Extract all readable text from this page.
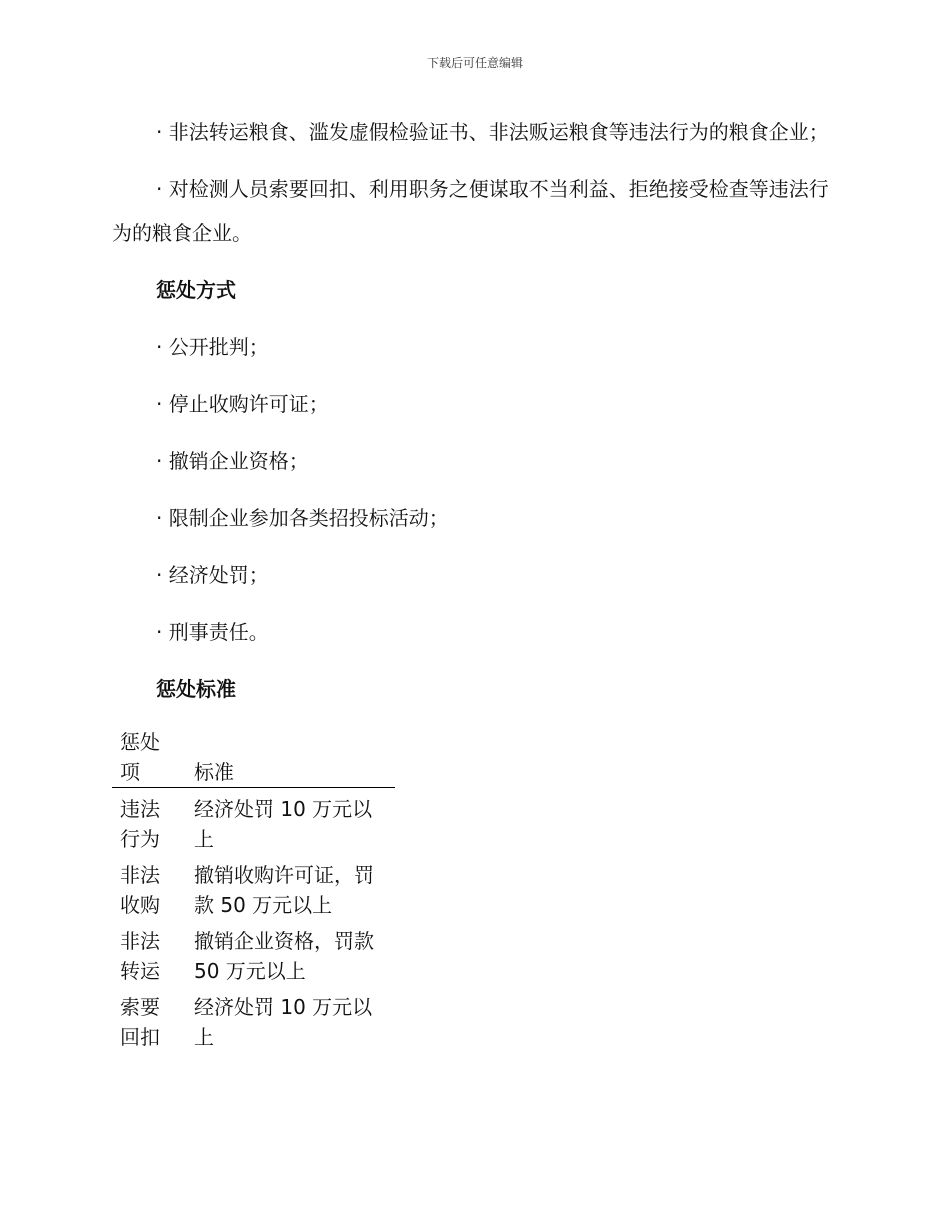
下载后可任意编辑

· 非法转运粮食、滥发虚假检验证书、非法贩运粮食等违法行为的粮食企业；

· 对检测人员索要回扣、利用职务之便谋取不当利益、拒绝接受检查等违法行为的粮食企业。

惩处方式
· 公开批判；
· 停止收购许可证；
· 撤销企业资格；
· 限制企业参加各类招投标活动；
· 经济处罚；
· 刑事责任。
惩处标准
惩处项	标准
违法行为	经济处罚 10 万元以上
非法收购	撤销收购许可证，罚款 50 万元以上
非法转运	撤销企业资格，罚款 50 万元以上
索要回扣	经济处罚 10 万元以上
